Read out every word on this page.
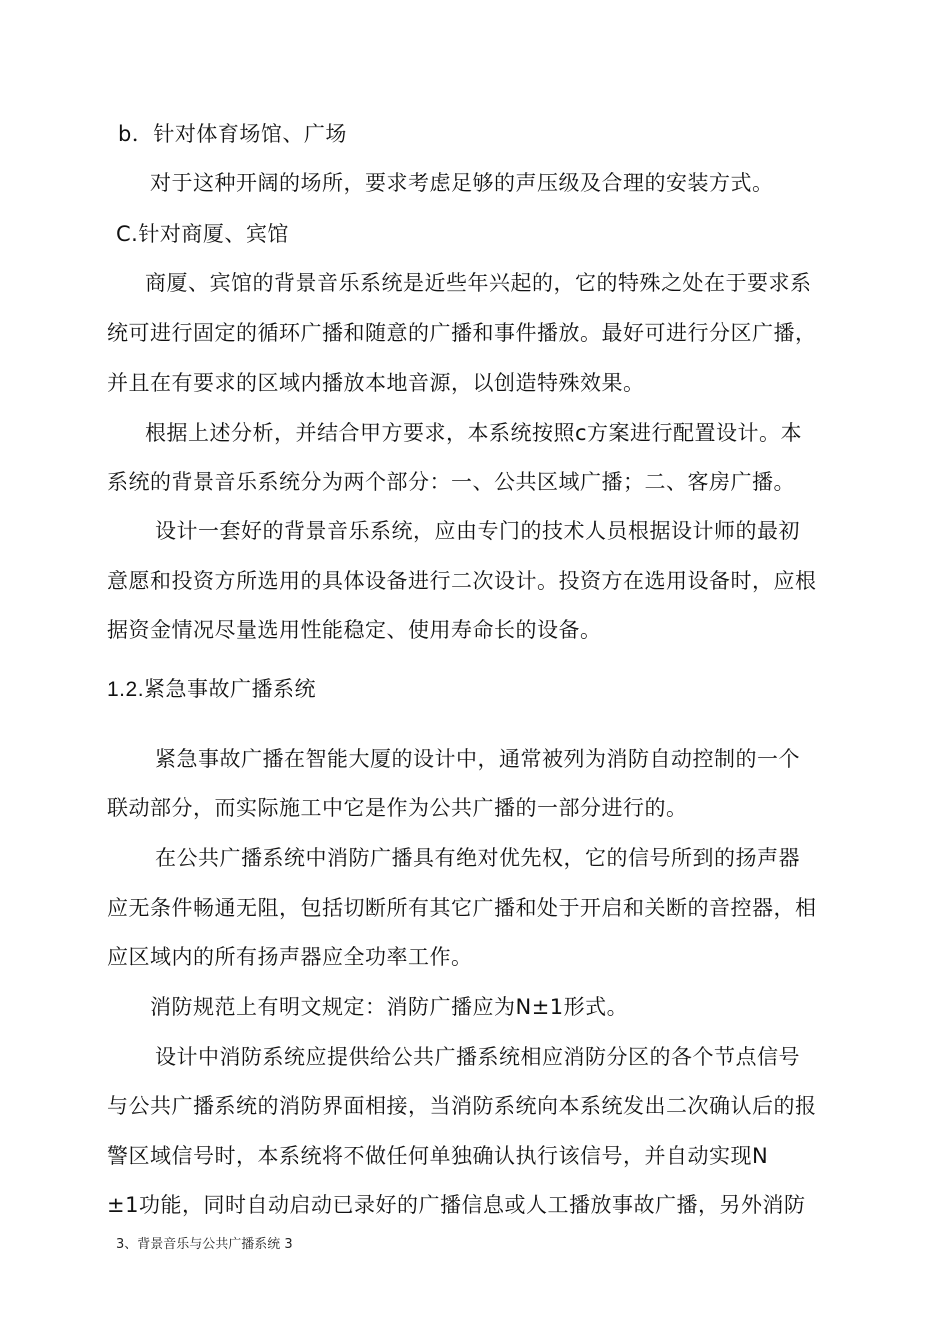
b．针对体育场馆、广场
对于这种开阔的场所，要求考虑足够的声压级及合理的安装方式。
C.针对商厦、宾馆
商厦、宾馆的背景音乐系统是近些年兴起的，它的特殊之处在于要求系
统可进行固定的循环广播和随意的广播和事件播放。最好可进行分区广播，
并且在有要求的区域内播放本地音源，以创造特殊效果。
根据上述分析，并结合甲方要求，本系统按照c方案进行配置设计。本
系统的背景音乐系统分为两个部分：一、公共区域广播；二、客房广播。
设计一套好的背景音乐系统，应由专门的技术人员根据设计师的最初
意愿和投资方所选用的具体设备进行二次设计。投资方在选用设备时，应根
据资金情况尽量选用性能稳定、使用寿命长的设备。
1.2.紧急事故广播系统
紧急事故广播在智能大厦的设计中，通常被列为消防自动控制的一个
联动部分，而实际施工中它是作为公共广播的一部分进行的。
在公共广播系统中消防广播具有绝对优先权，它的信号所到的扬声器
应无条件畅通无阻，包括切断所有其它广播和处于开启和关断的音控器，相
应区域内的所有扬声器应全功率工作。
消防规范上有明文规定：消防广播应为N±1形式。
设计中消防系统应提供给公共广播系统相应消防分区的各个节点信号
与公共广播系统的消防界面相接，当消防系统向本系统发出二次确认后的报
警区域信号时，本系统将不做任何单独确认执行该信号，并自动实现N
±1功能，同时自动启动已录好的广播信息或人工播放事故广播，另外消防
3、背景音乐与公共广播系统 3
